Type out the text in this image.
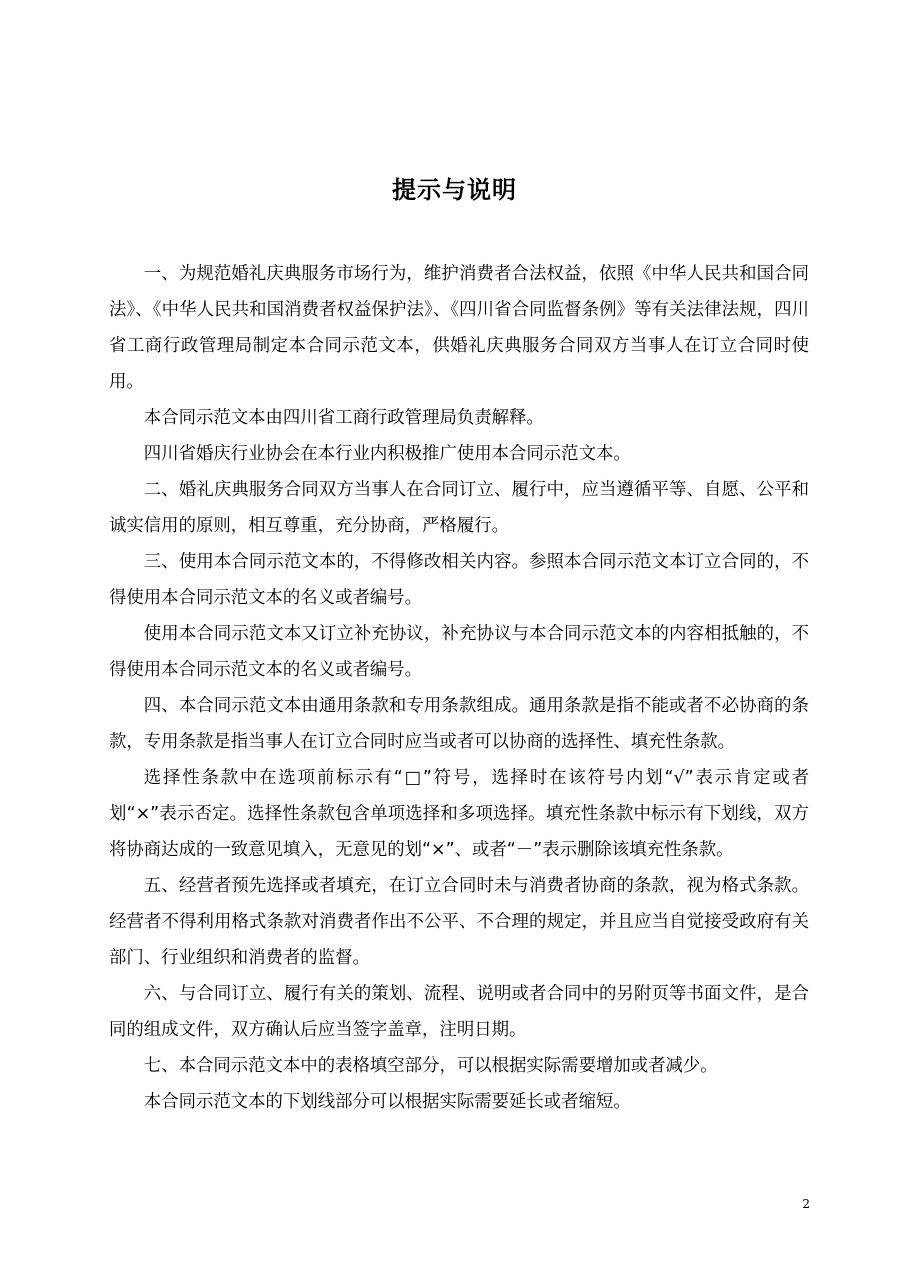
提示与说明

一、为规范婚礼庆典服务市场行为，维护消费者合法权益，依照《中华人民共和国合同法》、《中华人民共和国消费者权益保护法》、《四川省合同监督条例》等有关法律法规，四川省工商行政管理局制定本合同示范文本，供婚礼庆典服务合同双方当事人在订立合同时使用。

本合同示范文本由四川省工商行政管理局负责解释。

四川省婚庆行业协会在本行业内积极推广使用本合同示范文本。

二、婚礼庆典服务合同双方当事人在合同订立、履行中，应当遵循平等、自愿、公平和诚实信用的原则，相互尊重，充分协商，严格履行。

三、使用本合同示范文本的，不得修改相关内容。参照本合同示范文本订立合同的，不得使用本合同示范文本的名义或者编号。

使用本合同示范文本又订立补充协议，补充协议与本合同示范文本的内容相抵触的，不得使用本合同示范文本的名义或者编号。

四、本合同示范文本由通用条款和专用条款组成。通用条款是指不能或者不必协商的条款，专用条款是指当事人在订立合同时应当或者可以协商的选择性、填充性条款。

选择性条款中在选项前标示有“□”符号，选择时在该符号内划“√”表示肯定或者划“×”表示否定。选择性条款包含单项选择和多项选择。填充性条款中标示有下划线，双方将协商达成的一致意见填入，无意见的划“×”、或者“－”表示删除该填充性条款。

五、经营者预先选择或者填充，在订立合同时未与消费者协商的条款，视为格式条款。经营者不得利用格式条款对消费者作出不公平、不合理的规定，并且应当自觉接受政府有关部门、行业组织和消费者的监督。

六、与合同订立、履行有关的策划、流程、说明或者合同中的另附页等书面文件，是合同的组成文件，双方确认后应当签字盖章，注明日期。

七、本合同示范文本中的表格填空部分，可以根据实际需要增加或者减少。

本合同示范文本的下划线部分可以根据实际需要延长或者缩短。

2
